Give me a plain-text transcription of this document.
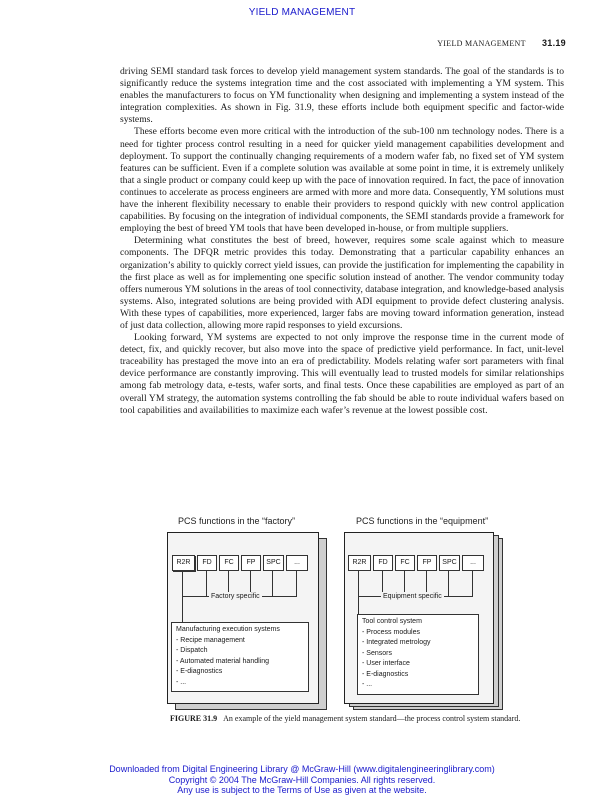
YIELD MANAGEMENT
YIELD MANAGEMENT 31.19

driving SEMI standard task forces to develop yield management system standards. The goal of the standards is to significantly reduce the systems integration time and the cost associated with implementing a YM system. This enables the manufacturers to focus on YM functionality when designing and implementing a system instead of the integration complexities. As shown in Fig. 31.9, these efforts include both equipment specific and factor-wide systems.

These efforts become even more critical with the introduction of the sub-100 nm technology nodes. There is a need for tighter process control resulting in a need for quicker yield management capabilities development and deployment. To support the continually changing requirements of a modern wafer fab, no fixed set of YM system features can be sufficient. Even if a complete solution was available at some point in time, it is extremely unlikely that a single product or company could keep up with the pace of innovation required. In fact, the pace of innovation continues to accelerate as process engineers are armed with more and more data. Consequently, YM solutions must have the inherent flexibility necessary to enable their providers to respond quickly with new control application capabilities. By focusing on the integration of individual components, the SEMI standards provide a framework for employing the best of breed YM tools that have been developed in-house, or from multiple suppliers.

Determining what constitutes the best of breed, however, requires some scale against which to measure components. The DFQR metric provides this today. Demonstrating that a particular capability enhances an organization’s ability to quickly correct yield issues, can provide the justification for implementing the capability in the first place as well as for implementing one specific solution instead of another. The vendor community today offers numerous YM solutions in the areas of tool connectivity, database integration, and knowledge-based analysis systems. Also, integrated solutions are being provided with ADI equipment to provide defect clustering analysis. With these types of capabilities, more experienced, larger fabs are moving toward information generation, instead of just data collection, allowing more rapid responses to yield excursions.

Looking forward, YM systems are expected to not only improve the response time in the current mode of detect, fix, and quickly recover, but also move into the space of predictive yield performance. In fact, unit-level traceability has prestaged the move into an era of predictability. Models relating wafer sort parameters with final device performance are constantly improving. This will eventually lead to trusted models for similar relationships among fab metrology data, e-tests, wafer sorts, and final tests. Once these capabilities are employed as part of an overall YM strategy, the automation systems controlling the fab should be able to route individual wafers based on tool capabilities and availabilities to maximize each wafer’s revenue at the lowest possible cost.

PCS functions in the “factory”
R2R	FD	FC	FP	SPC	...
Factory specific
Manufacturing execution systems
- Recipe management
- Dispatch
- Automated material handling
- E-diagnostics
- ...
PCS functions in the “equipment”
R2R	FD	FC	FP	SPC	...
Equipment specific
Tool control system
- Process modules
- Integrated metrology
- Sensors
- User interface
- E-diagnostics
- ...
FIGURE 31.9 An example of the yield management system standard—the process control system standard.
Downloaded from Digital Engineering Library @ McGraw-Hill (www.digitalengineeringlibrary.com)
Copyright © 2004 The McGraw-Hill Companies. All rights reserved.
Any use is subject to the Terms of Use as given at the website.
